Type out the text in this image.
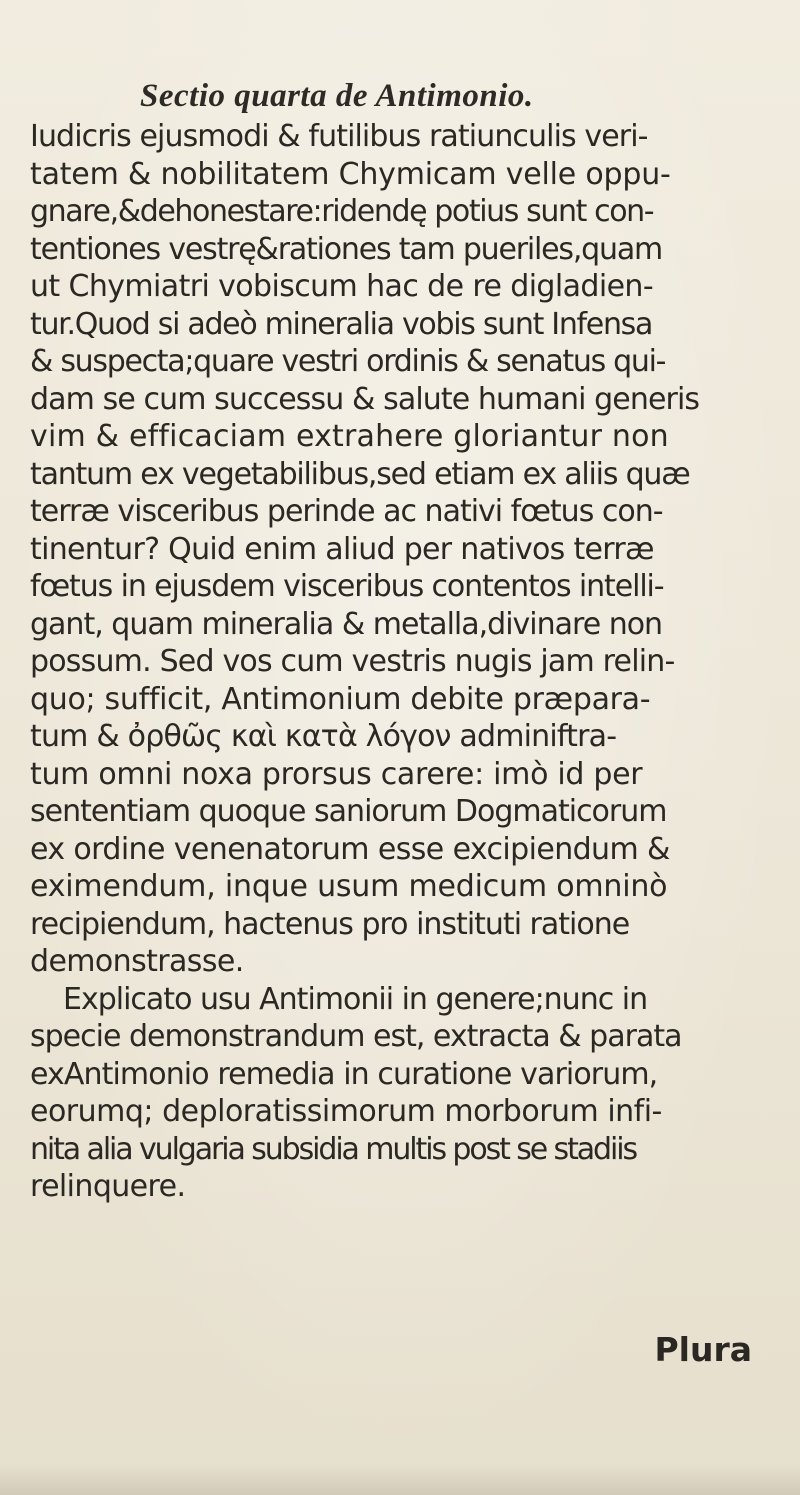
Sectio quarta de Antimonio.
Iudicris ejusmodi & futilibus ratiunculis veri-
tatem & nobilitatem Chymicam velle oppu-
gnare,&dehonestare:ridendę potius sunt con-
tentiones vestrę&rationes tam pueriles,quam
ut Chymiatri vobiscum hac de re digladien-
tur.Quod si adeò mineralia vobis sunt Infensa
& suspecta;quare vestri ordinis & senatus qui-
dam se cum successu & salute humani generis
vim & efficaciam extrahere gloriantur non
tantum ex vegetabilibus,sed etiam ex aliis quæ
terræ visceribus perinde ac nativi fœtus con-
tinentur? Quid enim aliud per nativos terræ
fœtus in ejusdem visceribus contentos intelli-
gant, quam mineralia & metalla,divinare non
possum. Sed vos cum vestris nugis jam relin-
quo; sufficit, Antimonium debite præpara-
tum & ὀρθῶς καὶ κατὰ λόγον adminiftra-
tum omni noxa prorsus carere: imò id per
sententiam quoque saniorum Dogmaticorum
ex ordine venenatorum esse excipiendum &
eximendum, inque usum medicum omninò
recipiendum, hactenus pro instituti ratione
demonstrasse.
Explicato usu Antimonii in genere;nunc in
specie demonstrandum est, extracta & parata
exAntimonio remedia in curatione variorum,
eorumq; deploratissimorum morborum infi-
nita alia vulgaria subsidia multis post se stadiis
relinquere.
Plura
